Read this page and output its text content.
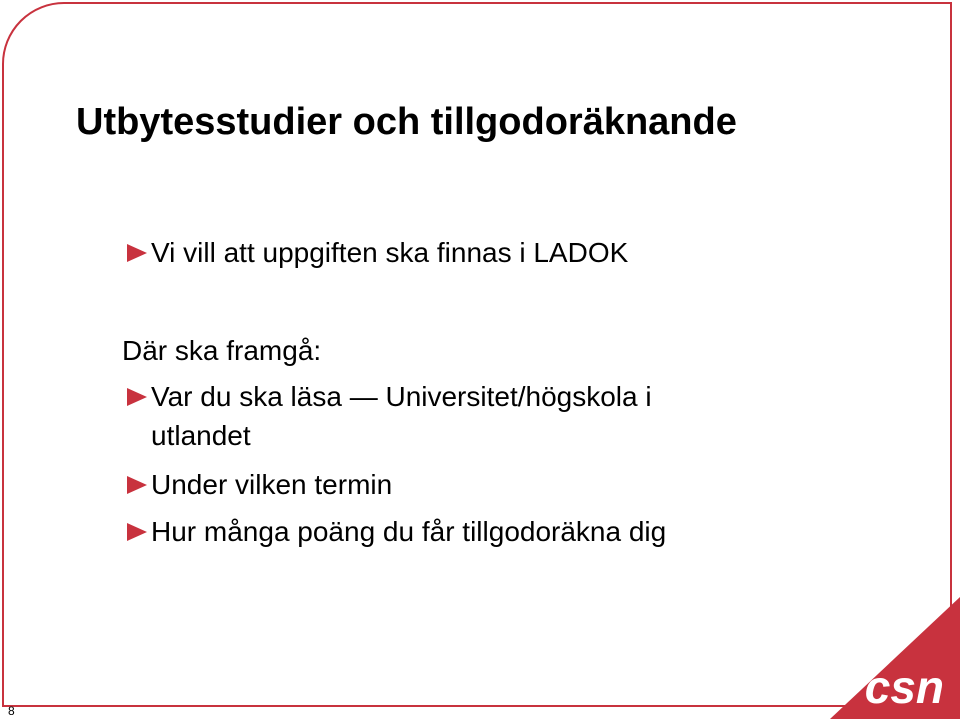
Utbytesstudier och tillgodoräknande
Vi vill att uppgiften ska finnas i LADOK
Där ska framgå:
Var du ska läsa — Universitet/högskola i
utlandet
Under vilken termin
Hur många poäng du får tillgodoräkna dig
8	csn
